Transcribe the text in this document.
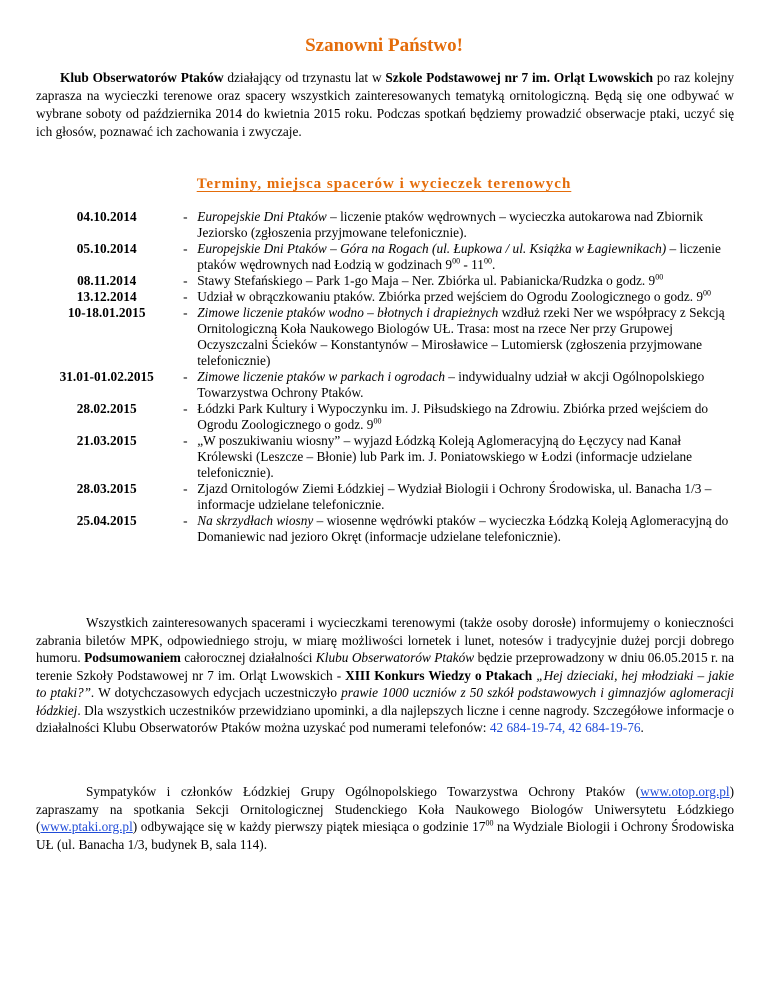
Szanowni Państwo!

Klub Obserwatorów Ptaków działający od trzynastu lat w Szkole Podstawowej nr 7 im. Orląt Lwowskich po raz kolejny zaprasza na wycieczki terenowe oraz spacery wszystkich zainteresowanych tematyką ornitologiczną. Będą się one odbywać w wybrane soboty od października 2014 do kwietnia 2015 roku. Podczas spotkań będziemy prowadzić obserwacje ptaki, uczyć się ich głosów, poznawać ich zachowania i zwyczaje.

Terminy, miejsca spacerów i wycieczek terenowych
04.10.2014	-	Europejskie Dni Ptaków – liczenie ptaków wędrownych – wycieczka autokarowa nad Zbiornik Jeziorsko (zgłoszenia przyjmowane telefonicznie).
05.10.2014	-	Europejskie Dni Ptaków – Góra na Rogach (ul. Łupkowa / ul. Książka w Łagiewnikach) – liczenie ptaków wędrownych nad Łodzią w godzinach $9^{00} - 11^{00}$.
08.11.2014	-	Stawy Stefańskiego – Park 1-go Maja – Ner. Zbiórka ul. Pabianicka/Rudzka o godz. $9^{00}$
13.12.2014	-	Udział w obrączkowaniu ptaków. Zbiórka przed wejściem do Ogrodu Zoologicznego o godz. $9^{00}$
10-18.01.2015	-	Zimowe liczenie ptaków wodno – błotnych i drapieżnych wzdłuż rzeki Ner we współpracy z Sekcją Ornitologiczną Koła Naukowego Biologów UŁ. Trasa: most na rzece Ner przy Grupowej Oczyszczalni Ścieków – Konstantynów – Mirosławice – Lutomiersk (zgłoszenia przyjmowane telefonicznie)
31.01-01.02.2015	-	Zimowe liczenie ptaków w parkach i ogrodach – indywidualny udział w akcji Ogólnopolskiego Towarzystwa Ochrony Ptaków.
28.02.2015	-	Łódzki Park Kultury i Wypoczynku im. J. Piłsudskiego na Zdrowiu. Zbiórka przed wejściem do Ogrodu Zoologicznego o godz. $9^{00}$
21.03.2015	-	„W poszukiwaniu wiosny” – wyjazd Łódzką Koleją Aglomeracyjną do Łęczycy nad Kanał Królewski (Leszcze – Błonie) lub Park im. J. Poniatowskiego w Łodzi (informacje udzielane telefonicznie).
28.03.2015	-	Zjazd Ornitologów Ziemi Łódzkiej – Wydział Biologii i Ochrony Środowiska, ul. Banacha 1/3 – informacje udzielane telefonicznie.
25.04.2015	-	Na skrzydłach wiosny – wiosenne wędrówki ptaków – wycieczka Łódzką Koleją Aglomeracyjną do Domaniewic nad jezioro Okręt (informacje udzielane telefonicznie).

Wszystkich zainteresowanych spacerami i wycieczkami terenowymi (także osoby dorosłe) informujemy o konieczności zabrania biletów MPK, odpowiedniego stroju, w miarę możliwości lornetek i lunet, notesów i tradycyjnie dużej porcji dobrego humoru. Podsumowaniem całorocznej działalności Klubu Obserwatorów Ptaków będzie przeprowadzony w dniu 06.05.2015 r. na terenie Szkoły Podstawowej nr 7 im. Orląt Lwowskich - XIII Konkurs Wiedzy o Ptakach „Hej dzieciaki, hej młodziaki – jakie to ptaki?”. W dotychczasowych edycjach uczestniczyło prawie 1000 uczniów z 50 szkół podstawowych i gimnazjów aglomeracji łódzkiej. Dla wszystkich uczestników przewidziano upominki, a dla najlepszych liczne i cenne nagrody. Szczegółowe informacje o działalności Klubu Obserwatorów Ptaków można uzyskać pod numerami telefonów: 42 684-19-74, 42 684-19-76.

Sympatyków i członków Łódzkiej Grupy Ogólnopolskiego Towarzystwa Ochrony Ptaków (www.otop.org.pl) zapraszamy na spotkania Sekcji Ornitologicznej Studenckiego Koła Naukowego Biologów Uniwersytetu Łódzkiego (www.ptaki.org.pl) odbywające się w każdy pierwszy piątek miesiąca o godzinie $17^{00}$ na Wydziale Biologii i Ochrony Środowiska UŁ (ul. Banacha 1/3, budynek B, sala 114).
